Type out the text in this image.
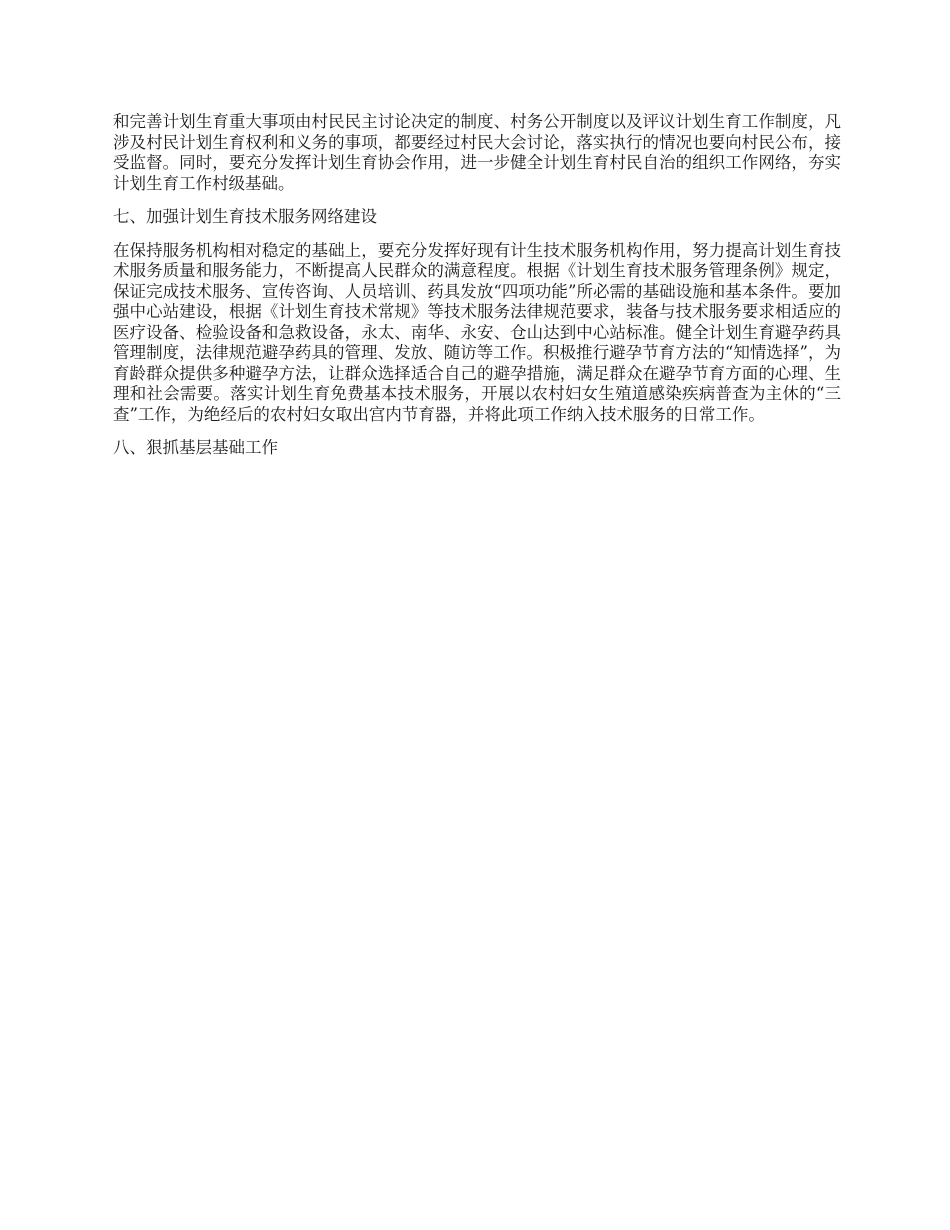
和完善计划生育重大事项由村民民主讨论决定的制度、村务公开制度以及评议计划生育工作制度，凡涉及村民计划生育权利和义务的事项，都要经过村民大会讨论，落实执行的情况也要向村民公布，接受监督。同时，要充分发挥计划生育协会作用，进一步健全计划生育村民自治的组织工作网络，夯实计划生育工作村级基础。

七、加强计划生育技术服务网络建设

在保持服务机构相对稳定的基础上，要充分发挥好现有计生技术服务机构作用，努力提高计划生育技术服务质量和服务能力，不断提高人民群众的满意程度。根据《计划生育技术服务管理条例》规定，保证完成技术服务、宣传咨询、人员培训、药具发放“四项功能”所必需的基础设施和基本条件。要加强中心站建设，根据《计划生育技术常规》等技术服务法律规范要求，装备与技术服务要求相适应的医疗设备、检验设备和急救设备，永太、南华、永安、仓山达到中心站标准。健全计划生育避孕药具管理制度，法律规范避孕药具的管理、发放、随访等工作。积极推行避孕节育方法的“知情选择”，为育龄群众提供多种避孕方法，让群众选择适合自己的避孕措施，满足群众在避孕节育方面的心理、生理和社会需要。落实计划生育免费基本技术服务，开展以农村妇女生殖道感染疾病普查为主休的“三查”工作，为绝经后的农村妇女取出宫内节育器，并将此项工作纳入技术服务的日常工作。

八、狠抓基层基础工作
